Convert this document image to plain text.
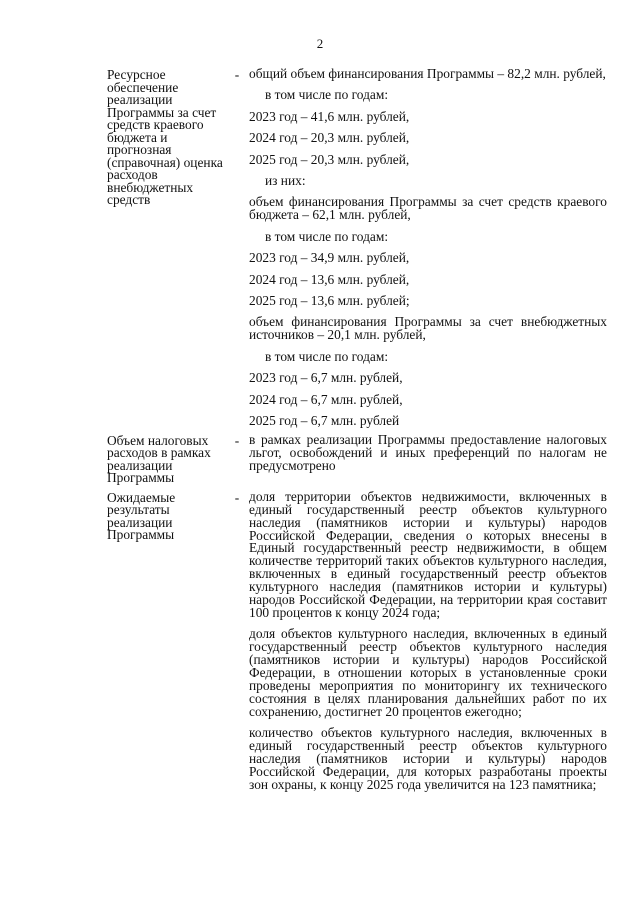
2
Ресурсное обеспечение реализации Программы за счет средств краевого бюджета и прогнозная (справочная) оценка расходов внебюджетных средств
- общий объем финансирования Программы – 82,2 млн. рублей,

в том числе по годам:

2023 год – 41,6 млн. рублей,

2024 год – 20,3 млн. рублей,

2025 год – 20,3 млн. рублей,

из них:

объем финансирования Программы за счет средств краевого бюджета – 62,1 млн. рублей,

в том числе по годам:

2023 год – 34,9 млн. рублей,

2024 год – 13,6 млн. рублей,

2025 год – 13,6 млн. рублей;

объем финансирования Программы за счет внебюджетных источников – 20,1 млн. рублей,

в том числе по годам:

2023 год – 6,7 млн. рублей,

2024 год – 6,7 млн. рублей,

2025 год – 6,7 млн. рублей

Объем налоговых расходов в рамках реализации Программы
- в рамках реализации Программы предоставление налоговых льгот, освобождений и иных преференций по налогам не предусмотрено

Ожидаемые результаты реализации Программы
- доля территории объектов недвижимости, включенных в единый государственный реестр объектов культурного наследия (памятников истории и культуры) народов Российской Федерации, сведения о которых внесены в Единый государственный реестр недвижимости, в общем количестве территорий таких объектов культурного наследия, включенных в единый государственный реестр объектов культурного наследия (памятников истории и культуры) народов Российской Федерации, на территории края составит 100 процентов к концу 2024 года;

доля объектов культурного наследия, включенных в единый государственный реестр объектов культурного наследия (памятников истории и культуры) народов Российской Федерации, в отношении которых в установленные сроки проведены мероприятия по мониторингу их технического состояния в целях планирования дальнейших работ по их сохранению, достигнет 20 процентов ежегодно;

количество объектов культурного наследия, включенных в единый государственный реестр объектов культурного наследия (памятников истории и культуры) народов Российской Федерации, для которых разработаны проекты зон охраны, к концу 2025 года увеличится на 123 памятника;
